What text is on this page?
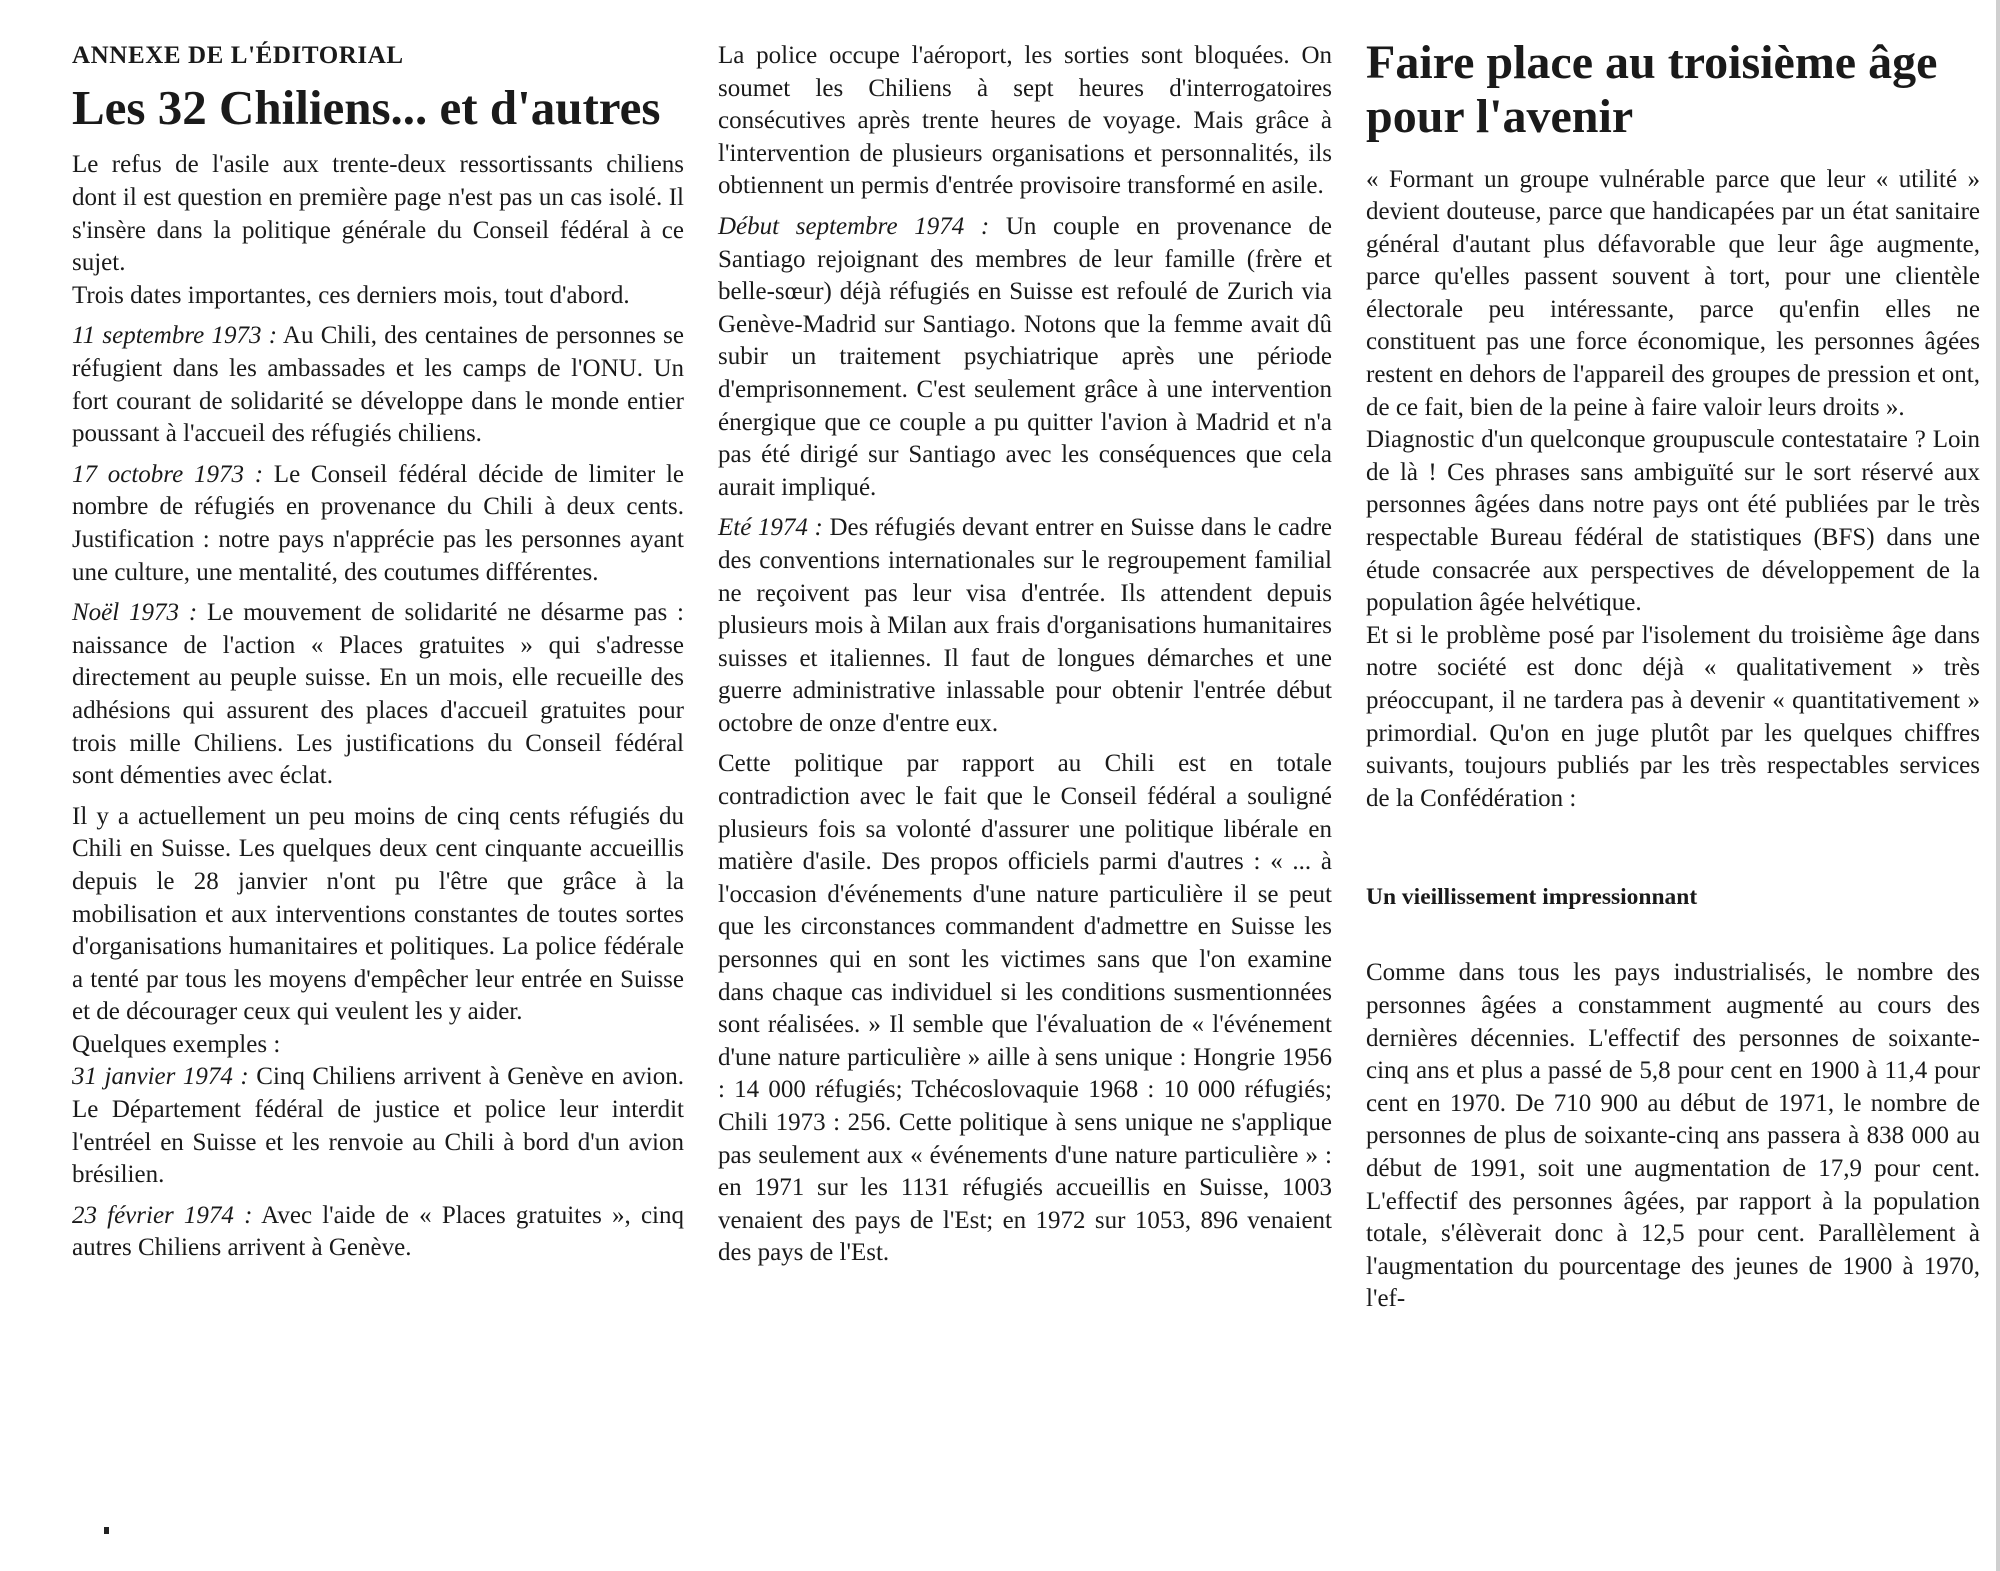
ANNEXE DE L'ÉDITORIAL
Les 32 Chiliens... et d'autres

Le refus de l'asile aux trente-deux ressortissants chiliens dont il est question en première page n'est pas un cas isolé. Il s'insère dans la politique générale du Conseil fédéral à ce sujet.

Trois dates importantes, ces derniers mois, tout d'abord.

11 septembre 1973 : Au Chili, des centaines de personnes se réfugient dans les ambassades et les camps de l'ONU. Un fort courant de solidarité se développe dans le monde entier poussant à l'accueil des réfugiés chiliens.

17 octobre 1973 : Le Conseil fédéral décide de limiter le nombre de réfugiés en provenance du Chili à deux cents. Justification : notre pays n'apprécie pas les personnes ayant une culture, une mentalité, des coutumes différentes.

Noël 1973 : Le mouvement de solidarité ne désarme pas : naissance de l'action « Places gratuites » qui s'adresse directement au peuple suisse. En un mois, elle recueille des adhésions qui assurent des places d'accueil gratuites pour trois mille Chiliens. Les justifications du Conseil fédéral sont démenties avec éclat.

Il y a actuellement un peu moins de cinq cents réfugiés du Chili en Suisse. Les quelques deux cent cinquante accueillis depuis le 28 janvier n'ont pu l'être que grâce à la mobilisation et aux interventions constantes de toutes sortes d'organisations humanitaires et politiques. La police fédérale a tenté par tous les moyens d'empêcher leur entrée en Suisse et de décourager ceux qui veulent les y aider.

Quelques exemples :

31 janvier 1974 : Cinq Chiliens arrivent à Genève en avion. Le Département fédéral de justice et police leur interdit l'entréel en Suisse et les renvoie au Chili à bord d'un avion brésilien.

23 février 1974 : Avec l'aide de « Places gratuites », cinq autres Chiliens arrivent à Genève.

La police occupe l'aéroport, les sorties sont bloquées. On soumet les Chiliens à sept heures d'interrogatoires consécutives après trente heures de voyage. Mais grâce à l'intervention de plusieurs organisations et personnalités, ils obtiennent un permis d'entrée provisoire transformé en asile.

Début septembre 1974 : Un couple en provenance de Santiago rejoignant des membres de leur famille (frère et belle-sœur) déjà réfugiés en Suisse est refoulé de Zurich via Genève-Madrid sur Santiago. Notons que la femme avait dû subir un traitement psychiatrique après une période d'emprisonnement. C'est seulement grâce à une intervention énergique que ce couple a pu quitter l'avion à Madrid et n'a pas été dirigé sur Santiago avec les conséquences que cela aurait impliqué.

Eté 1974 : Des réfugiés devant entrer en Suisse dans le cadre des conventions internationales sur le regroupement familial ne reçoivent pas leur visa d'entrée. Ils attendent depuis plusieurs mois à Milan aux frais d'organisations humanitaires suisses et italiennes. Il faut de longues démarches et une guerre administrative inlassable pour obtenir l'entrée début octobre de onze d'entre eux.

Cette politique par rapport au Chili est en totale contradiction avec le fait que le Conseil fédéral a souligné plusieurs fois sa volonté d'assurer une politique libérale en matière d'asile. Des propos officiels parmi d'autres : « ... à l'occasion d'événements d'une nature particulière il se peut que les circonstances commandent d'admettre en Suisse les personnes qui en sont les victimes sans que l'on examine dans chaque cas individuel si les conditions susmentionnées sont réalisées. » Il semble que l'évaluation de « l'événement d'une nature particulière » aille à sens unique : Hongrie 1956 : 14 000 réfugiés; Tchécoslovaquie 1968 : 10 000 réfugiés; Chili 1973 : 256. Cette politique à sens unique ne s'applique pas seulement aux « événements d'une nature particulière » : en 1971 sur les 1131 réfugiés accueillis en Suisse, 1003 venaient des pays de l'Est; en 1972 sur 1053, 896 venaient des pays de l'Est.

Faire place au troisième âge pour l'avenir

« Formant un groupe vulnérable parce que leur « utilité » devient douteuse, parce que handicapées par un état sanitaire général d'autant plus défavorable que leur âge augmente, parce qu'elles passent souvent à tort, pour une clientèle électorale peu intéressante, parce qu'enfin elles ne constituent pas une force économique, les personnes âgées restent en dehors de l'appareil des groupes de pression et ont, de ce fait, bien de la peine à faire valoir leurs droits ».

Diagnostic d'un quelconque groupuscule contestataire ? Loin de là ! Ces phrases sans ambiguïté sur le sort réservé aux personnes âgées dans notre pays ont été publiées par le très respectable Bureau fédéral de statistiques (BFS) dans une étude consacrée aux perspectives de développement de la population âgée helvétique.

Et si le problème posé par l'isolement du troisième âge dans notre société est donc déjà « qualitativement » très préoccupant, il ne tardera pas à devenir « quantitativement » primordial. Qu'on en juge plutôt par les quelques chiffres suivants, toujours publiés par les très respectables services de la Confédération :

Un vieillissement impressionnant

Comme dans tous les pays industrialisés, le nombre des personnes âgées a constamment augmenté au cours des dernières décennies. L'effectif des personnes de soixante-cinq ans et plus a passé de 5,8 pour cent en 1900 à 11,4 pour cent en 1970. De 710 900 au début de 1971, le nombre de personnes de plus de soixante-cinq ans passera à 838 000 au début de 1991, soit une augmentation de 17,9 pour cent. L'effectif des personnes âgées, par rapport à la population totale, s'élèverait donc à 12,5 pour cent. Parallèlement à l'augmentation du pourcentage des jeunes de 1900 à 1970, l'ef-
